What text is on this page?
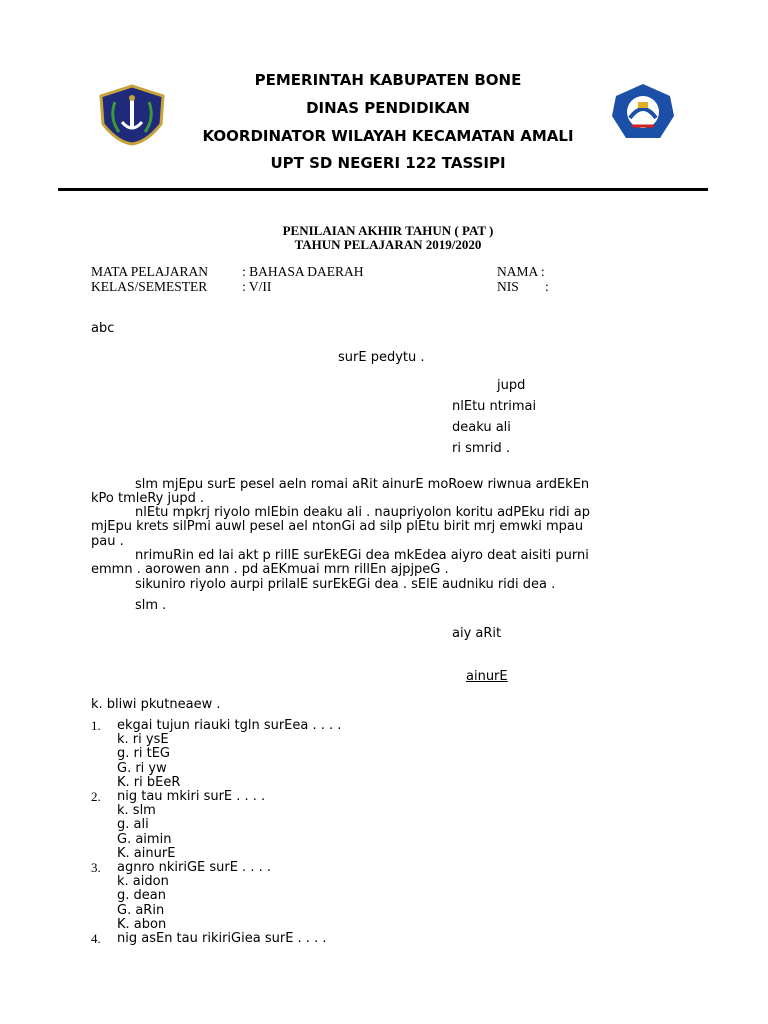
PEMERINTAH KABUPATEN BONE
DINAS PENDIDIKAN
KOORDINATOR WILAYAH KECAMATAN AMALI
UPT SD NEGERI 122 TASSIPI
PENILAIAN AKHIR TAHUN ( PAT )
TAHUN PELAJARAN 2019/2020
MATA PELAJARAN	: BAHASA DAERAH	NAMA :
KELAS/SEMESTER	: V/II	NIS :
abc
surE pedytu .
jupd
nlEtu ntrimai
deaku ali
ri smrid .
slm mjEpu surE pesel aeln romai aRit ainurE moRoew riwnua ardEkEn
kPo tmleRy jupd .
nlEtu mpkrj riyolo mlEbin deaku ali . naupriyolon koritu adPEku ridi ap
mjEpu krets silPmi auwl pesel ael ntonGi ad silp plEtu birit mrj emwki mpau
pau .
nrimuRin ed lai akt p rillE surEkEGi dea mkEdea aiyro deat aisiti purni
emmn . aorowen ann . pd aEKmuai mrn rillEn ajpjpeG .
sikuniro riyolo aurpi prilalE surEkEGi dea . sElE audniku ridi dea .
slm .
aiy aRit
ainurE
k. bliwi pkutneaew .
1. ekgai tujun riauki tgln surEea . . . .
k. ri ysE
g. ri tEG
G. ri yw
K. ri bEeR
2. nig tau mkiri surE . . . .
k. slm
g. ali
G. aimin
K. ainurE
3. agnro nkiriGE surE . . . .
k. aidon
g. dean
G. aRin
K. abon
4. nig asEn tau rikiriGiea surE . . . .
